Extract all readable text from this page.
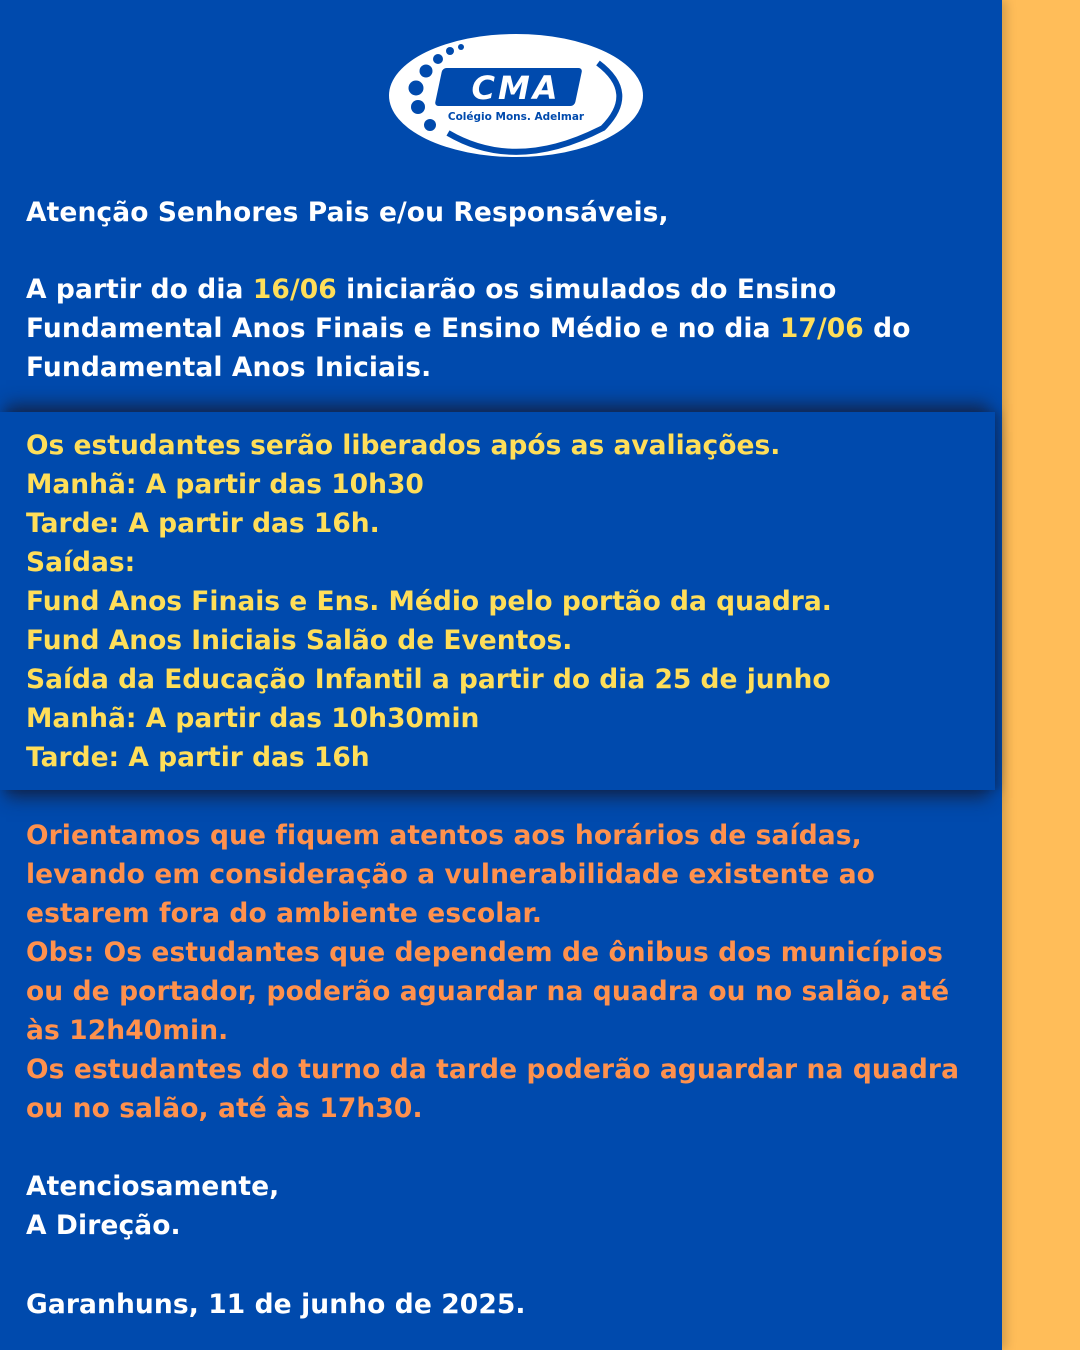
CMA
Colégio Mons. Adelmar
Atenção Senhores Pais e/ou Responsáveis,
A partir do dia 16/06 iniciarão os simulados do Ensino
Fundamental Anos Finais e Ensino Médio e no dia 17/06 do
Fundamental Anos Iniciais.
Os estudantes serão liberados após as avaliações.
Manhã: A partir das 10h30
Tarde: A partir das 16h.
Saídas:
Fund Anos Finais e Ens. Médio pelo portão da quadra.
Fund Anos Iniciais Salão de Eventos.
Saída da Educação Infantil a partir do dia 25 de junho
Manhã: A partir das 10h30min
Tarde: A partir das 16h
Orientamos que fiquem atentos aos horários de saídas,
levando em consideração a vulnerabilidade existente ao
estarem fora do ambiente escolar.
Obs: Os estudantes que dependem de ônibus dos municípios
ou de portador, poderão aguardar na quadra ou no salão, até
às 12h40min.
Os estudantes do turno da tarde poderão aguardar na quadra
ou no salão, até às 17h30.
Atenciosamente,
A Direção.
Garanhuns, 11 de junho de 2025.
